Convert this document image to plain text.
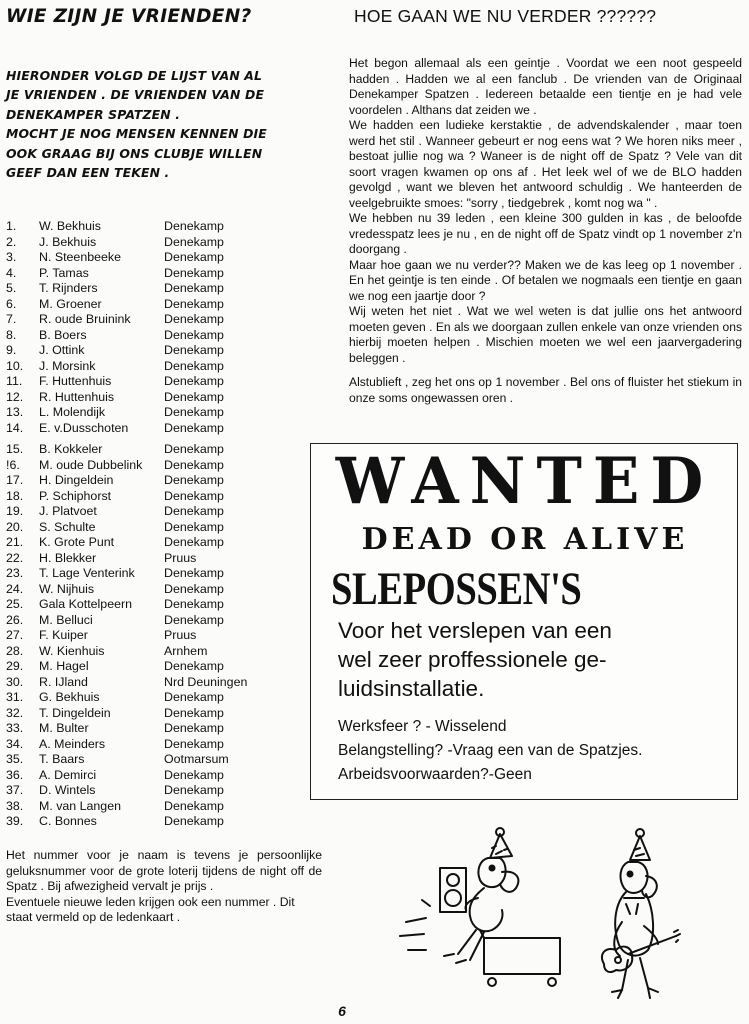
WIE ZIJN JE VRIENDEN?
HIERONDER VOLGD DE LIJST VAN AL
JE VRIENDEN . DE VRIENDEN VAN DE
DENEKAMPER SPATZEN .
MOCHT JE NOG MENSEN KENNEN DIE
OOK GRAAG BIJ ONS CLUBJE WILLEN
GEEF DAN EEN TEKEN .
1. W. Bekhuis	Denekamp
2. J. Bekhuis	Denekamp
3. N. Steenbeeke	Denekamp
4. P. Tamas	Denekamp
5. T. Rijnders	Denekamp
6. M. Groener	Denekamp
7. R. oude Bruinink	Denekamp
8. B. Boers	Denekamp
9. J. Ottink	Denekamp
10. J. Morsink	Denekamp
11. F. Huttenhuis	Denekamp
12. R. Huttenhuis	Denekamp
13. L. Molendijk	Denekamp
14. E. v.Dusschoten	Denekamp
15. B. Kokkeler	Denekamp
!6. M. oude Dubbelink Denekamp
17. H. Dingeldein	Denekamp
18. P. Schiphorst	Denekamp
19. J. Platvoet	Denekamp
20. S. Schulte	Denekamp
21. K. Grote Punt	Denekamp
22. H. Blekker	Pruus
23. T. Lage Venterink Denekamp
24. W. Nijhuis	Denekamp
25. Gala Kottelpeern	Denekamp
26. M. Belluci	Denekamp
27. F. Kuiper	Pruus
28. W. Kienhuis	Arnhem
29. M. Hagel	Denekamp
30. R. IJland	Nrd Deuningen
31. G. Bekhuis	Denekamp
32. T. Dingeldein	Denekamp
33. M. Bulter	Denekamp
34. A. Meinders	Denekamp
35. T. Baars	Ootmarsum
36. A. Demirci	Denekamp
37. D. Wintels	Denekamp
38. M. van Langen	Denekamp
39. C. Bonnes	Denekamp
Het nummer voor je naam is tevens je persoonlijke geluksnummer voor de grote loterij tijdens de night off de Spatz . Bij afwezigheid vervalt je prijs .
Eventuele nieuwe leden krijgen ook een nummer . Dit staat vermeld op de ledenkaart .
HOE GAAN WE NU VERDER ??????

Het begon allemaal als een geintje . Voordat we een noot gespeeld hadden . Hadden we al een fanclub . De vrienden van de Originaal Denekamper Spatzen . Iedereen betaalde een tientje en je had vele voordelen . Althans dat zeiden we .

We hadden een ludieke kerstaktie , de advendskalender , maar toen werd het stil . Wanneer gebeurt er nog eens wat ? We horen niks meer , bestoat jullie nog wa ? Waneer is de night off de Spatz ? Vele van dit soort vragen kwamen op ons af . Het leek wel of we de BLO hadden gevolgd , want we bleven het antwoord schuldig . We hanteerden de veelgebruikte smoes: "sorry , tiedgebrek , komt nog wa " .

We hebben nu 39 leden , een kleine 300 gulden in kas , de beloofde vredesspatz lees je nu , en de night off de Spatz vindt op 1 november z'n doorgang .

Maar hoe gaan we nu verder?? Maken we de kas leeg op 1 november . En het geintje is ten einde . Of betalen we nogmaals een tientje en gaan we nog een jaartje door ?

Wij weten het niet . Wat we wel weten is dat jullie ons het antwoord moeten geven . En als we doorgaan zullen enkele van onze vrienden ons hierbij moeten helpen . Mischien moeten we wel een jaarvergadering beleggen .

Alstublieft , zeg het ons op 1 november . Bel ons of fluister het stiekum in onze soms ongewassen oren .

WANTED
DEAD OR ALIVE
SLEPOSSEN'S
Voor het verslepen van een
wel zeer proffessionele ge-
luidsinstallatie.
Werksfeer ? - Wisselend
Belangstelling? -Vraag een van de Spatzjes.
Arbeidsvoorwaarden?-Geen
6
